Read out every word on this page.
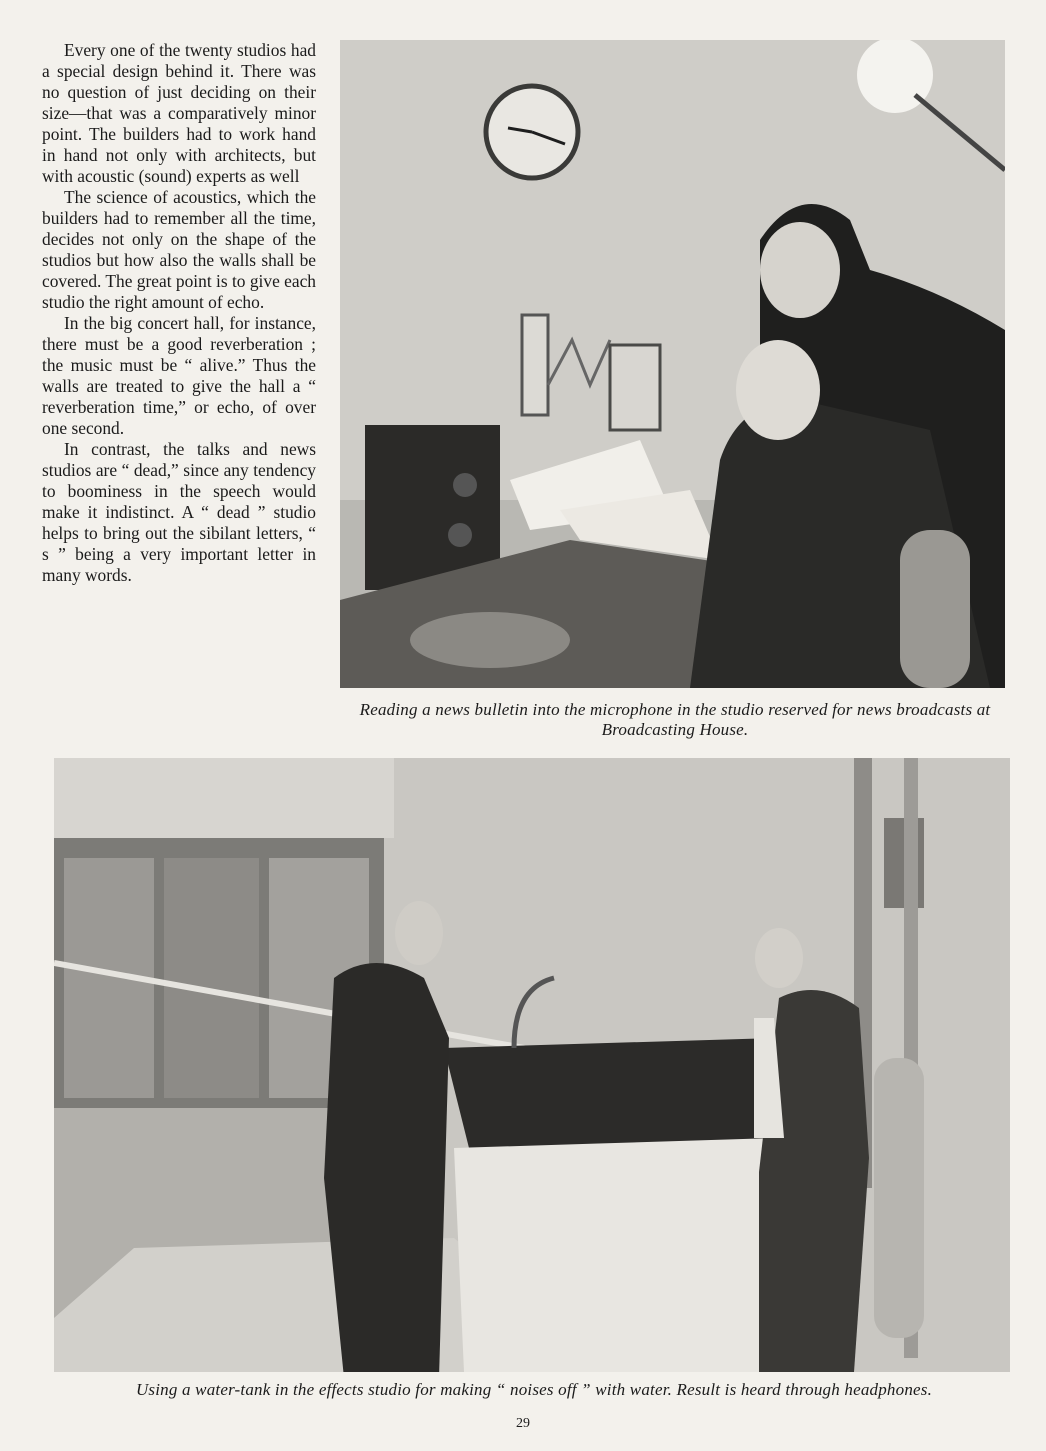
Every one of the twenty studios had a special design behind it. There was no question of just deciding on their size—that was a comparatively minor point. The builders had to work hand in hand not only with architects, but with acoustic (sound) experts as well

The science of acoustics, which the builders had to remember all the time, decides not only on the shape of the studios but how also the walls shall be covered. The great point is to give each studio the right amount of echo.

In the big concert hall, for instance, there must be a good reverberation ; the music must be “ alive.” Thus the walls are treated to give the hall a “ reverberation time,” or echo, of over one second.

In contrast, the talks and news studios are “ dead,” since any tendency to boominess in the speech would make it indistinct. A “ dead ” studio helps to bring out the sibilant letters, “ s ” being a very important letter in many words.

Reading a news bulletin into the microphone in the studio reserved for news broadcasts at Broadcasting House.
Using a water-tank in the effects studio for making “ noises off ” with water. Result is heard through headphones.
29
